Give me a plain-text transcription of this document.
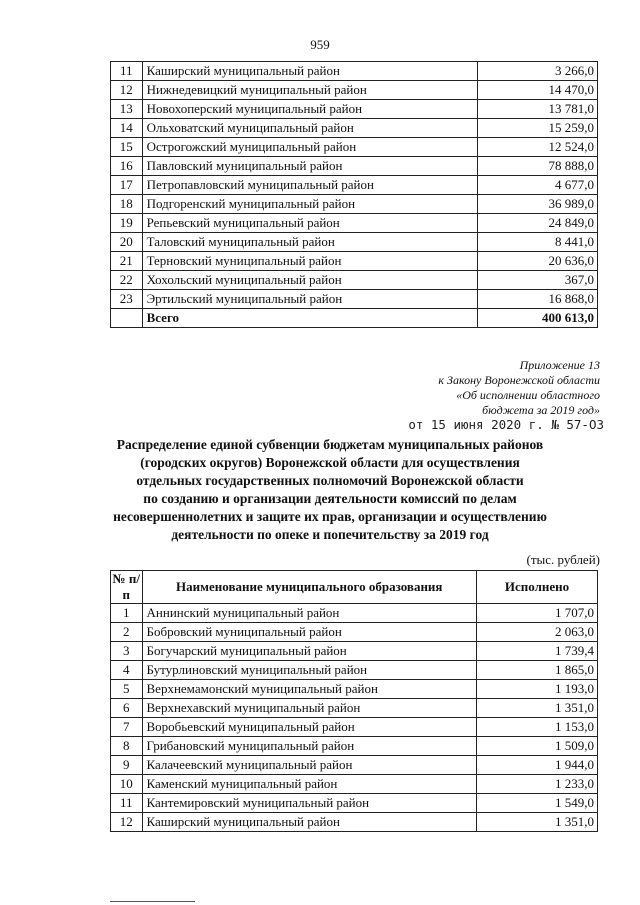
959
11	Каширский муниципальный район	3 266,0
12	Нижнедевицкий муниципальный район	14 470,0
13	Новохоперский муниципальный район	13 781,0
14	Ольховатский муниципальный район	15 259,0
15	Острогожский муниципальный район	12 524,0
16	Павловский муниципальный район	78 888,0
17	Петропавловский муниципальный район	4 677,0
18	Подгоренский муниципальный район	36 989,0
19	Репьевский муниципальный район	24 849,0
20	Таловский муниципальный район	8 441,0
21	Терновский муниципальный район	20 636,0
22	Хохольский муниципальный район	367,0
23	Эртильский муниципальный район	16 868,0
	Всего	400 613,0
Приложение 13
к Закону Воронежской области
«Об исполнении областного
бюджета за 2019 год»
от 15 июня 2020 г. № 57-ОЗ
Распределение единой субвенции бюджетам муниципальных районов
(городских округов) Воронежской области для осуществления
отдельных государственных полномочий Воронежской области
по созданию и организации деятельности комиссий по делам
несовершеннолетних и защите их прав, организации и осуществлению
деятельности по опеке и попечительству за 2019 год
(тыс. рублей)
№ п/п	Наименование муниципального образования	Исполнено
1	Аннинский муниципальный район	1 707,0
2	Бобровский муниципальный район	2 063,0
3	Богучарский муниципальный район	1 739,4
4	Бутурлиновский муниципальный район	1 865,0
5	Верхнемамонский муниципальный район	1 193,0
6	Верхнехавский муниципальный район	1 351,0
7	Воробьевский муниципальный район	1 153,0
8	Грибановский муниципальный район	1 509,0
9	Калачеевский муниципальный район	1 944,0
10	Каменский муниципальный район	1 233,0
11	Кантемировский муниципальный район	1 549,0
12	Каширский муниципальный район	1 351,0
